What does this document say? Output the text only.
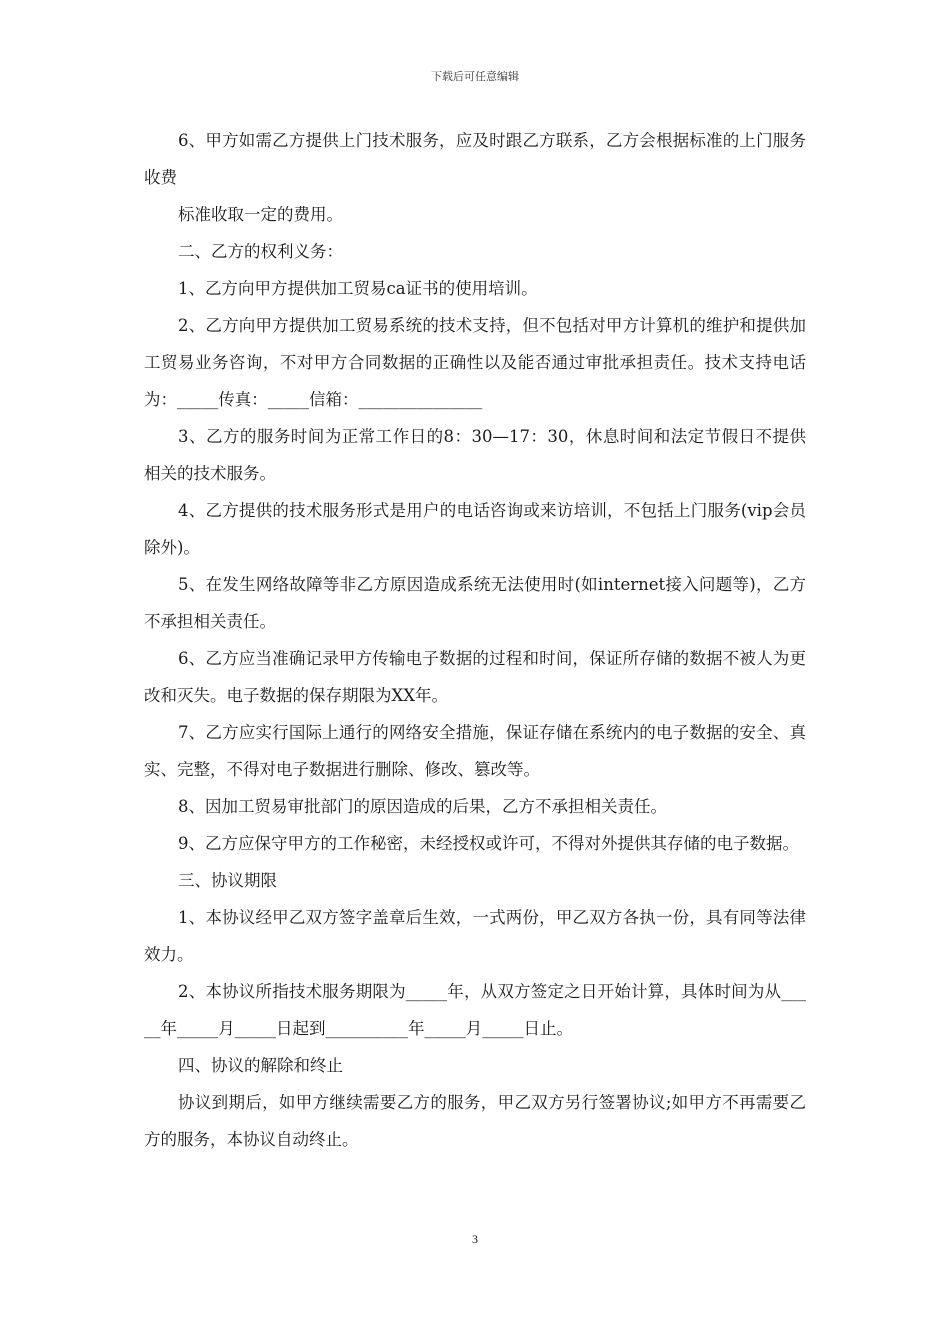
下载后可任意编辑

6、甲方如需乙方提供上门技术服务，应及时跟乙方联系，乙方会根据标准的上门服务收费

标准收取一定的费用。

二、乙方的权利义务：

1、乙方向甲方提供加工贸易ca证书的使用培训。

2、乙方向甲方提供加工贸易系统的技术支持，但不包括对甲方计算机的维护和提供加工贸易业务咨询，不对甲方合同数据的正确性以及能否通过审批承担责任。技术支持电话为：_____传真：_____信箱：_______________

3、乙方的服务时间为正常工作日的8：30—17：30，休息时间和法定节假日不提供相关的技术服务。

4、乙方提供的技术服务形式是用户的电话咨询或来访培训，不包括上门服务(vip会员除外)。

5、在发生网络故障等非乙方原因造成系统无法使用时(如internet接入问题等)，乙方不承担相关责任。

6、乙方应当准确记录甲方传输电子数据的过程和时间，保证所存储的数据不被人为更改和灭失。电子数据的保存期限为XX年。

7、乙方应实行国际上通行的网络安全措施，保证存储在系统内的电子数据的安全、真实、完整，不得对电子数据进行删除、修改、篡改等。

8、因加工贸易审批部门的原因造成的后果，乙方不承担相关责任。

9、乙方应保守甲方的工作秘密，未经授权或许可，不得对外提供其存储的电子数据。

三、协议期限

1、本协议经甲乙双方签字盖章后生效，一式两份，甲乙双方各执一份，具有同等法律效力。

2、本协议所指技术服务期限为_____年，从双方签定之日开始计算，具体时间为从_____年_____月_____日起到__________年_____月_____日止。

四、协议的解除和终止

协议到期后，如甲方继续需要乙方的服务，甲乙双方另行签署协议;如甲方不再需要乙方的服务，本协议自动终止。

3
